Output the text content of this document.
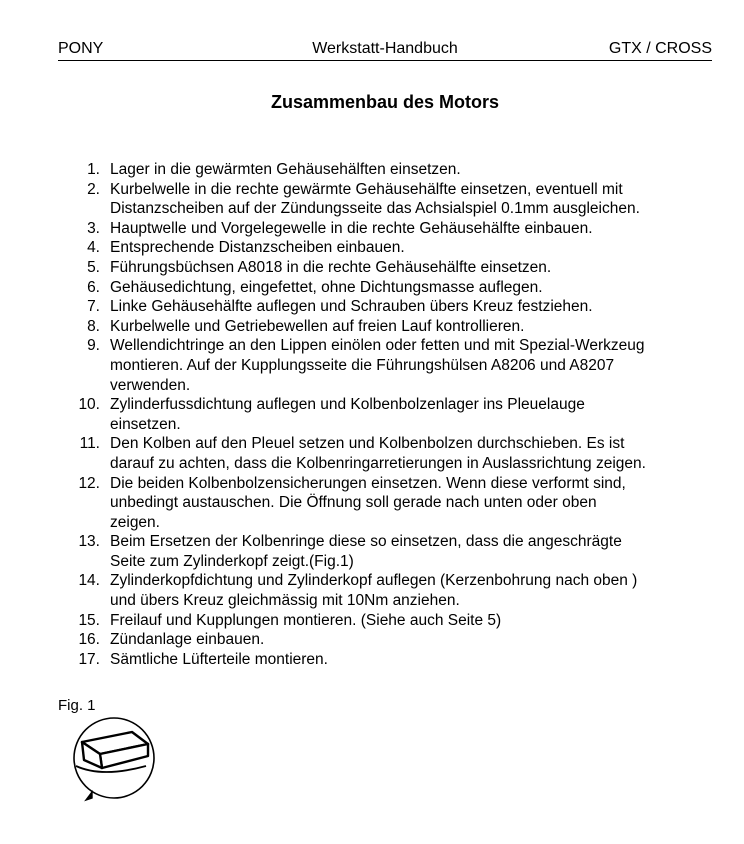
Werkstatt-Handbuch
PONY	GTX / CROSS
Zusammenbau des Motors
1. Lager in die gewärmten Gehäusehälften einsetzen.
2. Kurbelwelle in die rechte gewärmte Gehäusehälfte einsetzen, eventuell mit
Distanzscheiben auf der Zündungsseite das Achsialspiel 0.1mm ausgleichen.
3. Hauptwelle und Vorgelegewelle in die rechte Gehäusehälfte einbauen.
4. Entsprechende Distanzscheiben einbauen.
5. Führungsbüchsen A8018 in die rechte Gehäusehälfte einsetzen.
6. Gehäusedichtung, eingefettet, ohne Dichtungsmasse auflegen.
7. Linke Gehäusehälfte auflegen und Schrauben übers Kreuz festziehen.
8. Kurbelwelle und Getriebewellen auf freien Lauf kontrollieren.
9. Wellendichtringe an den Lippen einölen oder fetten und mit Spezial-Werkzeug
montieren. Auf der Kupplungsseite die Führungshülsen A8206 und A8207
verwenden.
10. Zylinderfussdichtung auflegen und Kolbenbolzenlager ins Pleuelauge
einsetzen.
11. Den Kolben auf den Pleuel setzen und Kolbenbolzen durchschieben. Es ist
darauf zu achten, dass die Kolbenringarretierungen in Auslassrichtung zeigen.
12. Die beiden Kolbenbolzensicherungen einsetzen. Wenn diese verformt sind,
unbedingt austauschen. Die Öffnung soll gerade nach unten oder oben
zeigen.
13. Beim Ersetzen der Kolbenringe diese so einsetzen, dass die angeschrägte
Seite zum Zylinderkopf zeigt.(Fig.1)
14. Zylinderkopfdichtung und Zylinderkopf auflegen (Kerzenbohrung nach oben )
und übers Kreuz gleichmässig mit 10Nm anziehen.
15. Freilauf und Kupplungen montieren. (Siehe auch Seite 5)
16. Zündanlage einbauen.
17. Sämtliche Lüfterteile montieren.
Fig. 1
